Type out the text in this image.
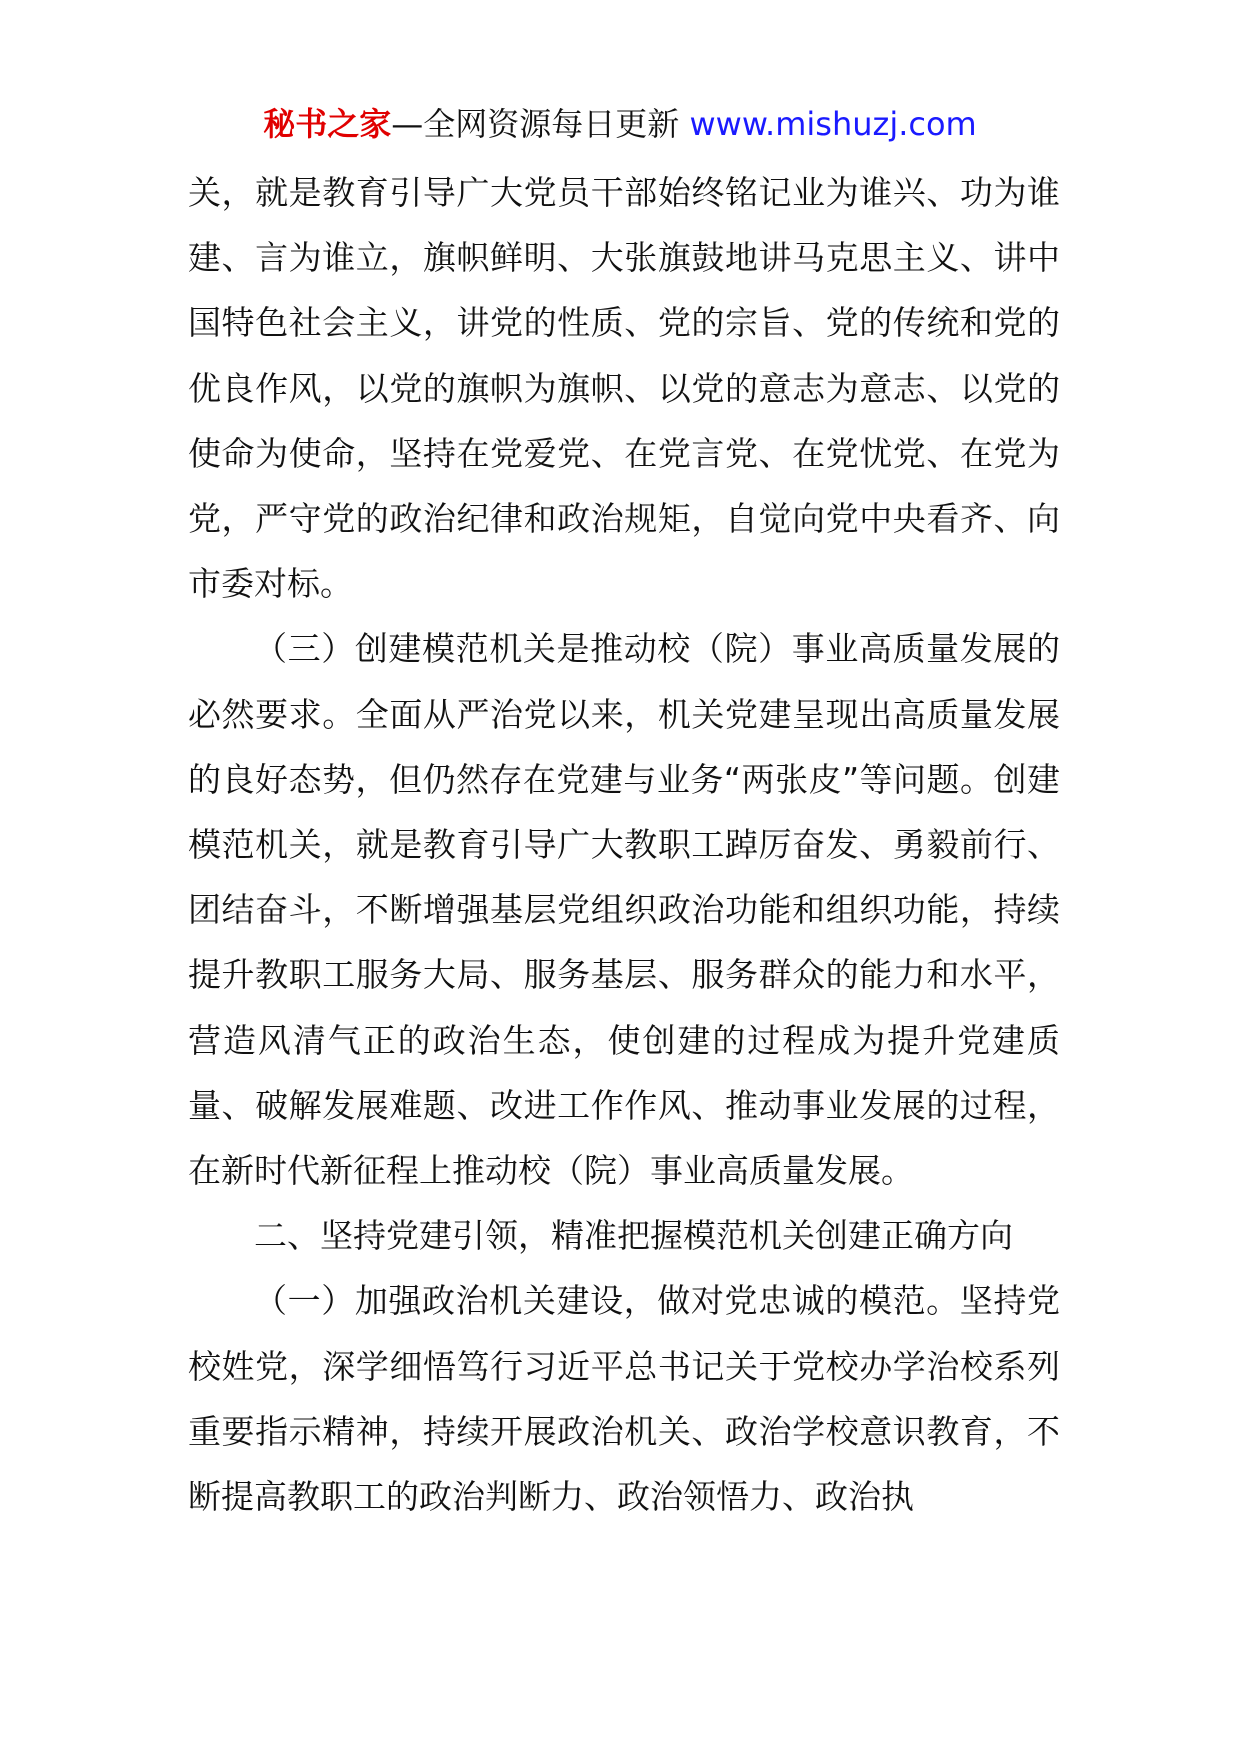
秘书之家—全网资源每日更新 www.mishuzj.com

关，就是教育引导广大党员干部始终铭记业为谁兴、功为谁建、言为谁立，旗帜鲜明、大张旗鼓地讲马克思主义、讲中国特色社会主义，讲党的性质、党的宗旨、党的传统和党的优良作风，以党的旗帜为旗帜、以党的意志为意志、以党的使命为使命，坚持在党爱党、在党言党、在党忧党、在党为党，严守党的政治纪律和政治规矩，自觉向党中央看齐、向市委对标。

（三）创建模范机关是推动校（院）事业高质量发展的必然要求。全面从严治党以来，机关党建呈现出高质量发展的良好态势，但仍然存在党建与业务“两张皮”等问题。创建模范机关，就是教育引导广大教职工踔厉奋发、勇毅前行、团结奋斗，不断增强基层党组织政治功能和组织功能，持续提升教职工服务大局、服务基层、服务群众的能力和水平，营造风清气正的政治生态，使创建的过程成为提升党建质量、破解发展难题、改进工作作风、推动事业发展的过程，在新时代新征程上推动校（院）事业高质量发展。

二、坚持党建引领，精准把握模范机关创建正确方向

（一）加强政治机关建设，做对党忠诚的模范。坚持党校姓党，深学细悟笃行习近平总书记关于党校办学治校系列重要指示精神，持续开展政治机关、政治学校意识教育，不断提高教职工的政治判断力、政治领悟力、政治执
